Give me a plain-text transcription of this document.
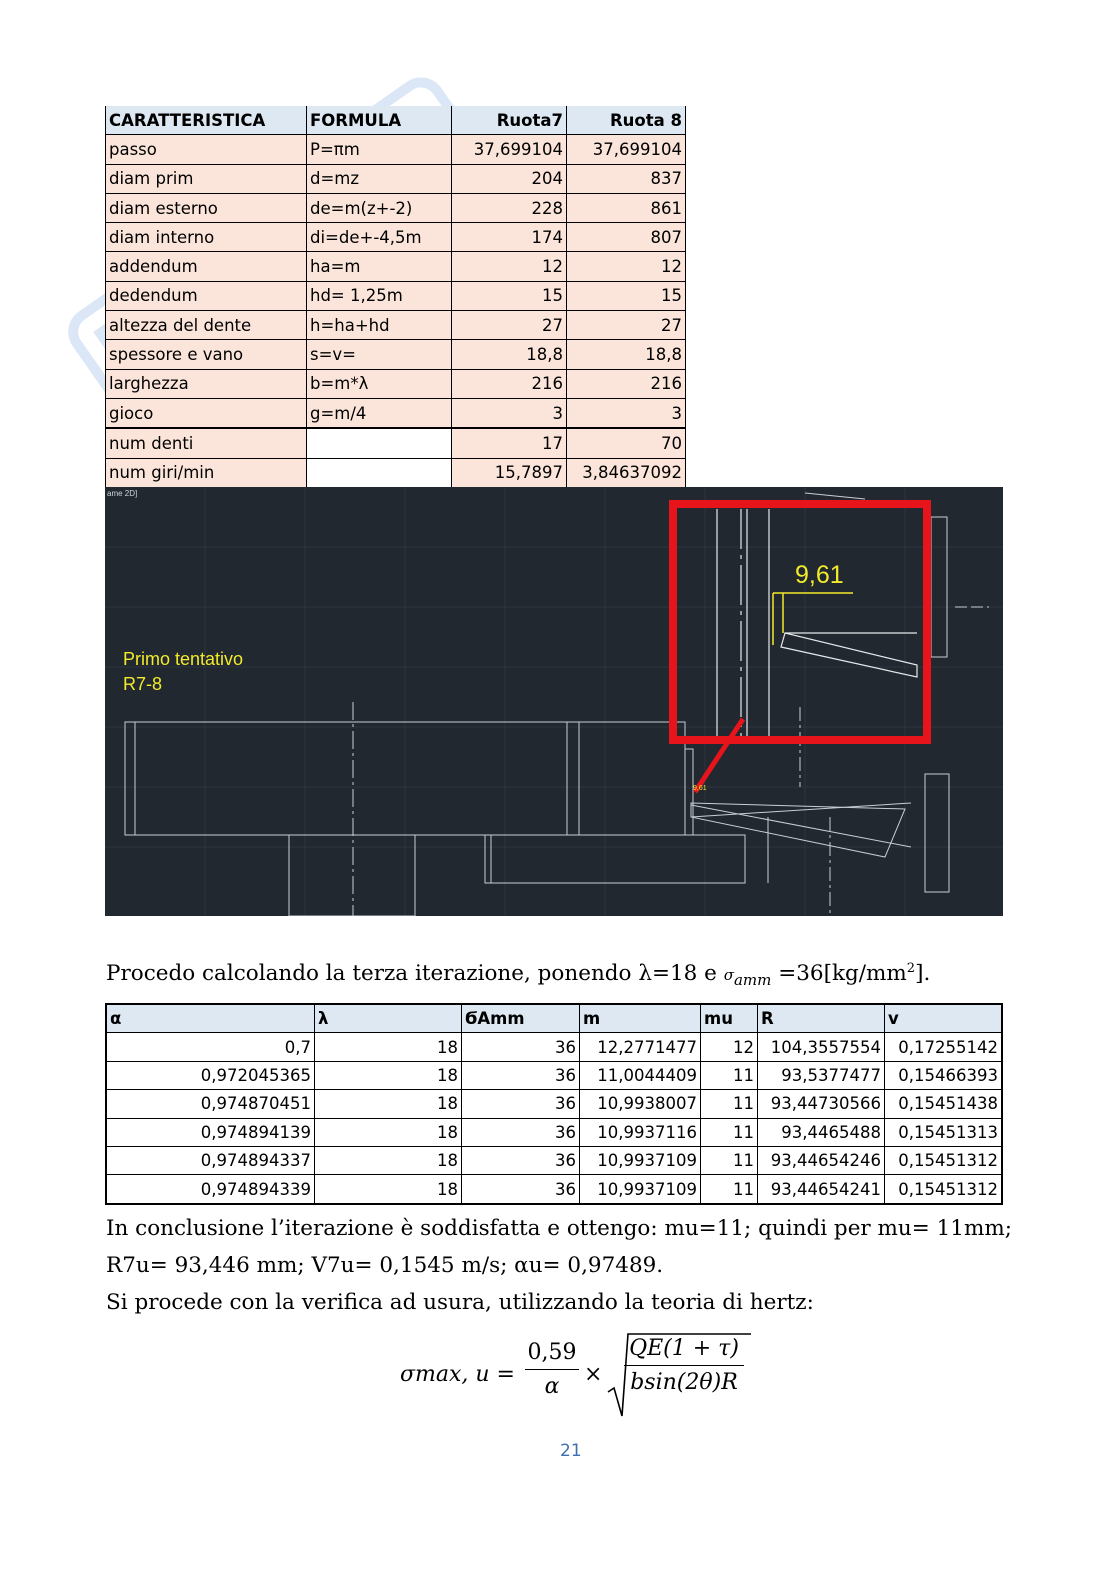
CARATTERISTICA	FORMULA	Ruota7	Ruota 8
passo	P=πm	37,699104	37,699104
diam prim	d=mz	204	837
diam esterno	de=m(z+-2)	228	861
diam interno	di=de+-4,5m	174	807
addendum	ha=m	12	12
dedendum	hd= 1,25m	15	15
altezza del dente	h=ha+hd	27	27
spessore e vano	s=v=	18,8	18,8
larghezza	b=m*λ	216	216
gioco	g=m/4	3	3
num denti		17	70
num giri/min		15,7897	3,84637092
ame 2D]
Primo tentativo
R7-8
9,61
9,61
Procedo calcolando la terza iterazione, ponendo λ=18 e $\sigma_{amm} =36[kg/mm^2]$.
α	λ	ϬAmm	m	mu	R	v
0,7	18	36	12,2771477	12	104,3557554	0,17255142
0,972045365	18	36	11,0044409	11	93,5377477	0,15466393
0,974870451	18	36	10,9938007	11	93,44730566	0,15451438
0,974894139	18	36	10,9937116	11	93,4465488	0,15451313
0,974894337	18	36	10,9937109	11	93,44654246	0,15451312
0,974894339	18	36	10,9937109	11	93,44654241	0,15451312
In conclusione l’iterazione è soddisfatta e ottengo: mu=11; quindi per mu= 11mm;
R7u= 93,446 mm; V7u= 0,1545 m/s; αu= 0,97489.
Si procede con la verifica ad usura, utilizzando la teoria di hertz:
σmax, u =
0,59
α	×
QE(1 + τ)
bsin(2θ)R
21
